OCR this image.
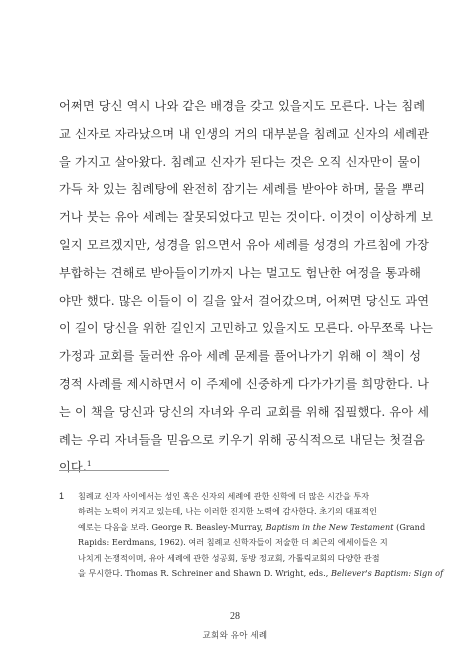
어쩌면 당신 역시 나와 같은 배경을 갖고 있을지도 모른다. 나는 침례
교 신자로 자라났으며 내 인생의 거의 대부분을 침례교 신자의 세례관
을 가지고 살아왔다. 침례교 신자가 된다는 것은 오직 신자만이 물이
가득 차 있는 침례탕에 완전히 잠기는 세례를 받아야 하며, 물을 뿌리
거나 붓는 유아 세례는 잘못되었다고 믿는 것이다. 이것이 이상하게 보
일지 모르겠지만, 성경을 읽으면서 유아 세례를 성경의 가르침에 가장
부합하는 견해로 받아들이기까지 나는 멀고도 험난한 여정을 통과해
야만 했다. 많은 이들이 이 길을 앞서 걸어갔으며, 어쩌면 당신도 과연
이 길이 당신을 위한 길인지 고민하고 있을지도 모른다. 아무쪼록 나는
가정과 교회를 둘러싼 유아 세례 문제를 풀어나가기 위해 이 책이 성
경적 사례를 제시하면서 이 주제에 신중하게 다가가기를 희망한다. 나
는 이 책을 당신과 당신의 자녀와 우리 교회를 위해 집필했다. 유아 세
례는 우리 자녀들을 믿음으로 키우기 위해 공식적으로 내딛는 첫걸음
이다.$^1$
1 침례교 신자 사이에서는 성인 혹은 신자의 세례에 관한 신학에 더 많은 시간을 투자
하려는 노력이 커지고 있는데, 나는 이러한 진지한 노력에 감사한다. 초기의 대표적인
예로는 다음을 보라. George R. Beasley-Murray, Baptism in the New Testament (Grand
Rapids: Eerdmans, 1962). 여러 침례교 신학자들이 저술한 더 최근의 에세이들은 지
나치게 논쟁적이며, 유아 세례에 관한 성공회, 동방 정교회, 가톨릭교회의 다양한 관점
을 무시한다. Thomas R. Schreiner and Shawn D. Wright, eds., Believer's Baptism: Sign of
28
교회와 유아 세례
